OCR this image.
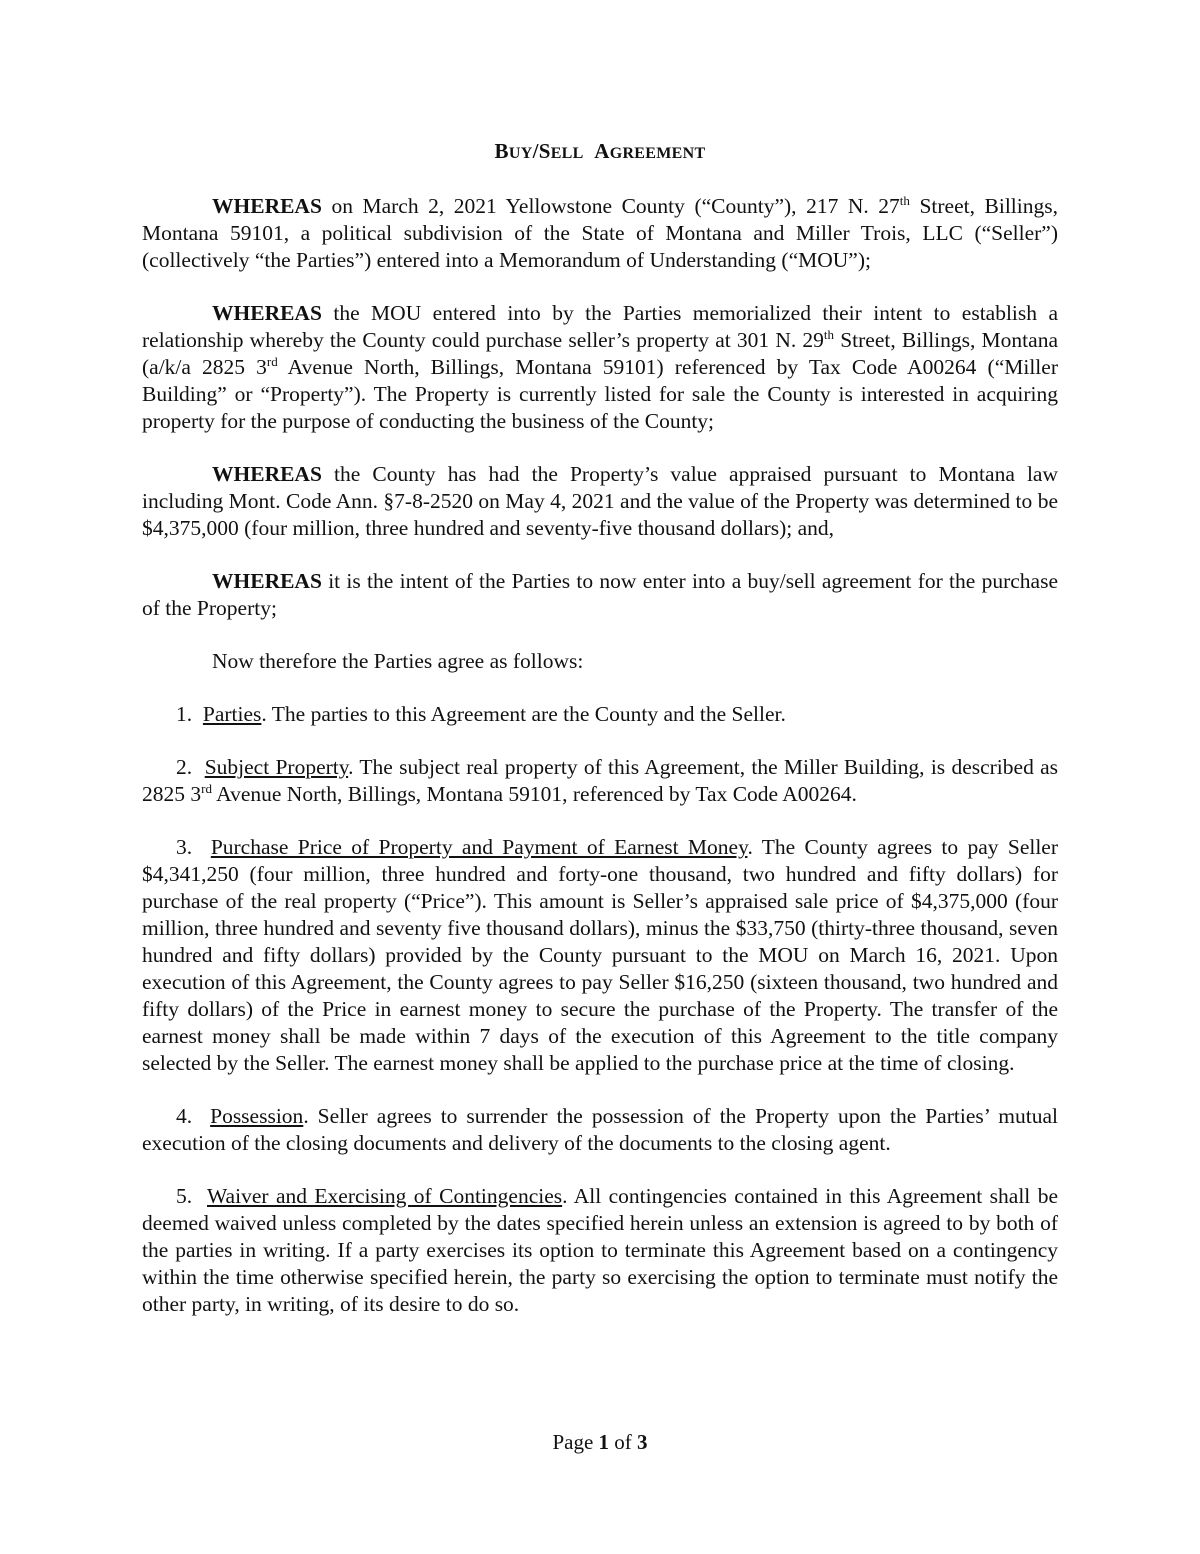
BUY/SELL AGREEMENT

WHEREAS on March 2, 2021 Yellowstone County (“County”), 217 N. 27th Street, Billings, Montana 59101, a political subdivision of the State of Montana and Miller Trois, LLC (“Seller”) (collectively “the Parties”) entered into a Memorandum of Understanding (“MOU”);

WHEREAS the MOU entered into by the Parties memorialized their intent to establish a relationship whereby the County could purchase seller’s property at 301 N. 29th Street, Billings, Montana (a/k/a 2825 3rd Avenue North, Billings, Montana 59101) referenced by Tax Code A00264 (“Miller Building” or “Property”). The Property is currently listed for sale the County is interested in acquiring property for the purpose of conducting the business of the County;

WHEREAS the County has had the Property’s value appraised pursuant to Montana law including Mont. Code Ann. §7-8-2520 on May 4, 2021 and the value of the Property was determined to be $4,375,000 (four million, three hundred and seventy-five thousand dollars); and,

WHEREAS it is the intent of the Parties to now enter into a buy/sell agreement for the purchase of the Property;

Now therefore the Parties agree as follows:

1. Parties. The parties to this Agreement are the County and the Seller.

2. Subject Property. The subject real property of this Agreement, the Miller Building, is described as 2825 3rd Avenue North, Billings, Montana 59101, referenced by Tax Code A00264.

3. Purchase Price of Property and Payment of Earnest Money. The County agrees to pay Seller $4,341,250 (four million, three hundred and forty-one thousand, two hundred and fifty dollars) for purchase of the real property (“Price”). This amount is Seller’s appraised sale price of $4,375,000 (four million, three hundred and seventy five thousand dollars), minus the $33,750 (thirty-three thousand, seven hundred and fifty dollars) provided by the County pursuant to the MOU on March 16, 2021. Upon execution of this Agreement, the County agrees to pay Seller $16,250 (sixteen thousand, two hundred and fifty dollars) of the Price in earnest money to secure the purchase of the Property. The transfer of the earnest money shall be made within 7 days of the execution of this Agreement to the title company selected by the Seller. The earnest money shall be applied to the purchase price at the time of closing.

4. Possession. Seller agrees to surrender the possession of the Property upon the Parties’ mutual execution of the closing documents and delivery of the documents to the closing agent.

5. Waiver and Exercising of Contingencies. All contingencies contained in this Agreement shall be deemed waived unless completed by the dates specified herein unless an extension is agreed to by both of the parties in writing. If a party exercises its option to terminate this Agreement based on a contingency within the time otherwise specified herein, the party so exercising the option to terminate must notify the other party, in writing, of its desire to do so.

Page 1 of 3
